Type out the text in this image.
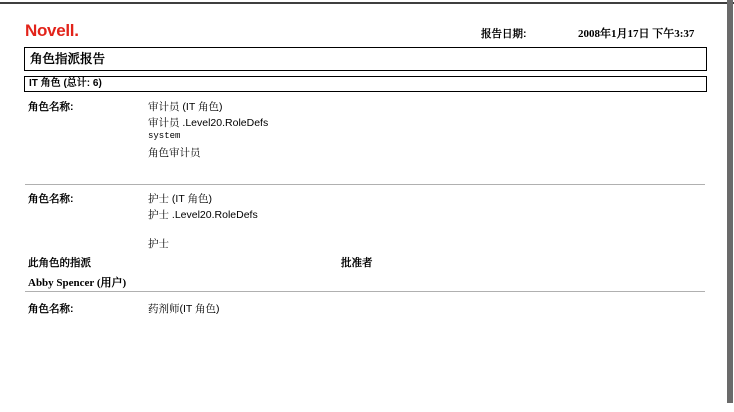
Novell.	报告日期:	2008年1月17日 下午3:37
角色指派报告
IT 角色 (总计: 6)
角色名称:	审计员 (IT 角色)
审计员 .Level20.RoleDefs
system
角色审计员
角色名称:	护士 (IT 角色)
护士 .Level20.RoleDefs
护士
此角色的指派	批准者
Abby Spencer (用户)
角色名称:	药剂师(IT 角色)
